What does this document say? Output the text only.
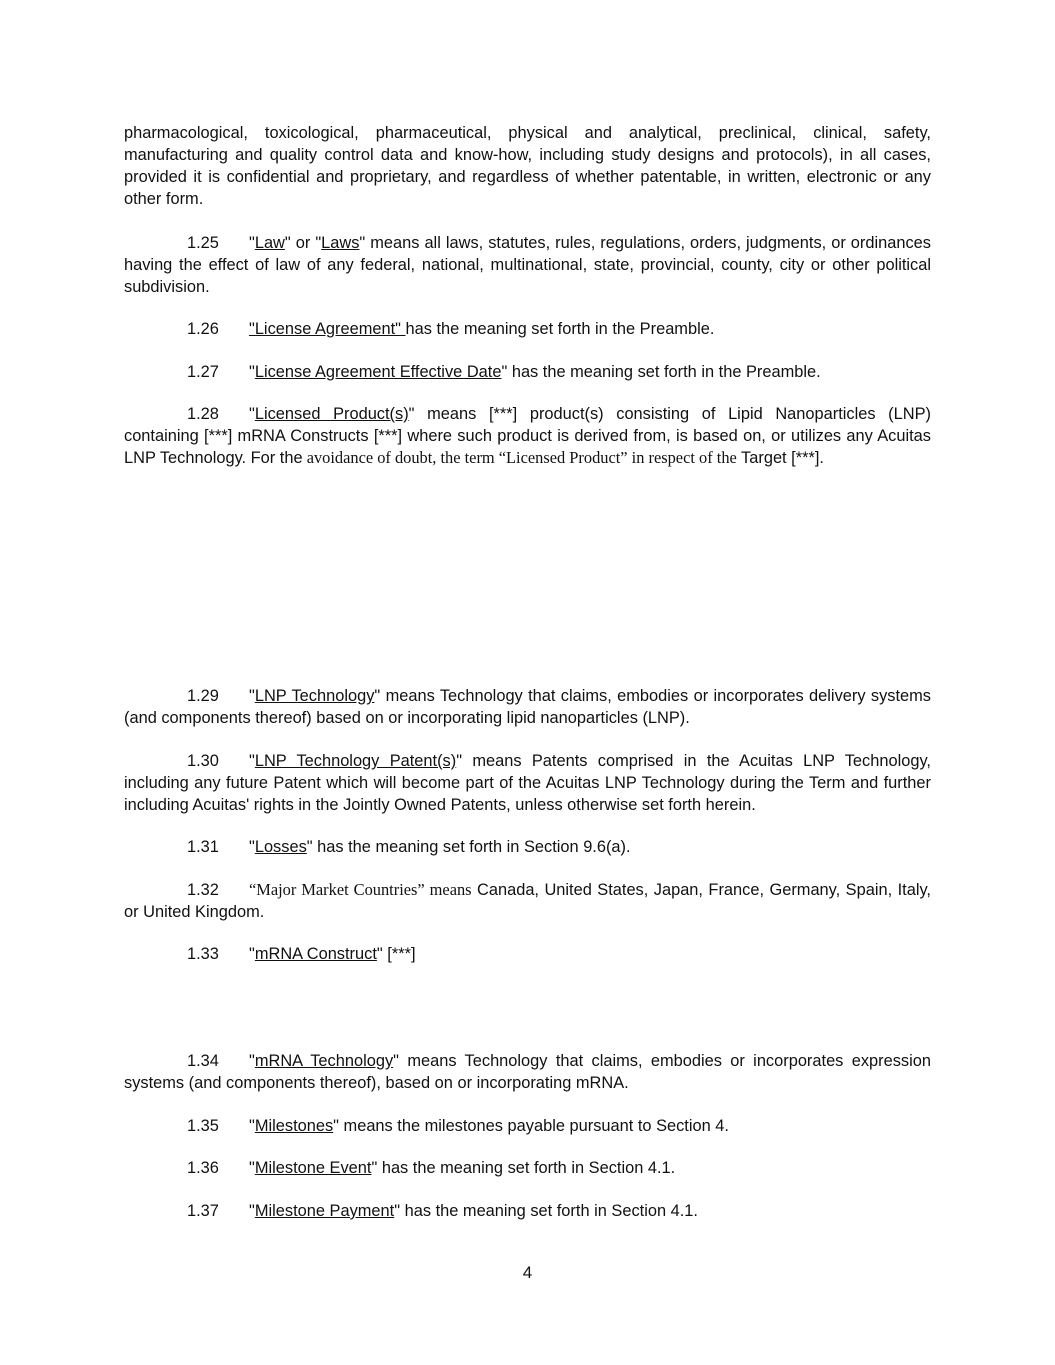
pharmacological, toxicological, pharmaceutical, physical and analytical, preclinical, clinical, safety, manufacturing and quality control data and know-how, including study designs and protocols), in all cases, provided it is confidential and proprietary, and regardless of whether patentable, in written, electronic or any other form.

1.25 "Law" or "Laws" means all laws, statutes, rules, regulations, orders, judgments, or ordinances having the effect of law of any federal, national, multinational, state, provincial, county, city or other political subdivision.

1.26 "License Agreement" has the meaning set forth in the Preamble.

1.27 "License Agreement Effective Date" has the meaning set forth in the Preamble.

1.28 "Licensed Product(s)" means [***] product(s) consisting of Lipid Nanoparticles (LNP) containing [***] mRNA Constructs [***] where such product is derived from, is based on, or utilizes any Acuitas LNP Technology. For the avoidance of doubt, the term “Licensed Product” in respect of the Target [***].

1.29 "LNP Technology" means Technology that claims, embodies or incorporates delivery systems (and components thereof) based on or incorporating lipid nanoparticles (LNP).

1.30 "LNP Technology Patent(s)" means Patents comprised in the Acuitas LNP Technology, including any future Patent which will become part of the Acuitas LNP Technology during the Term and further including Acuitas' rights in the Jointly Owned Patents, unless otherwise set forth herein.

1.31 "Losses" has the meaning set forth in Section 9.6(a).

1.32 “Major Market Countries” means Canada, United States, Japan, France, Germany, Spain, Italy, or United Kingdom.

1.33 "mRNA Construct" [***]

1.34 "mRNA Technology" means Technology that claims, embodies or incorporates expression systems (and components thereof), based on or incorporating mRNA.

1.35 "Milestones" means the milestones payable pursuant to Section 4.

1.36 "Milestone Event" has the meaning set forth in Section 4.1.

1.37 "Milestone Payment" has the meaning set forth in Section 4.1.

4
